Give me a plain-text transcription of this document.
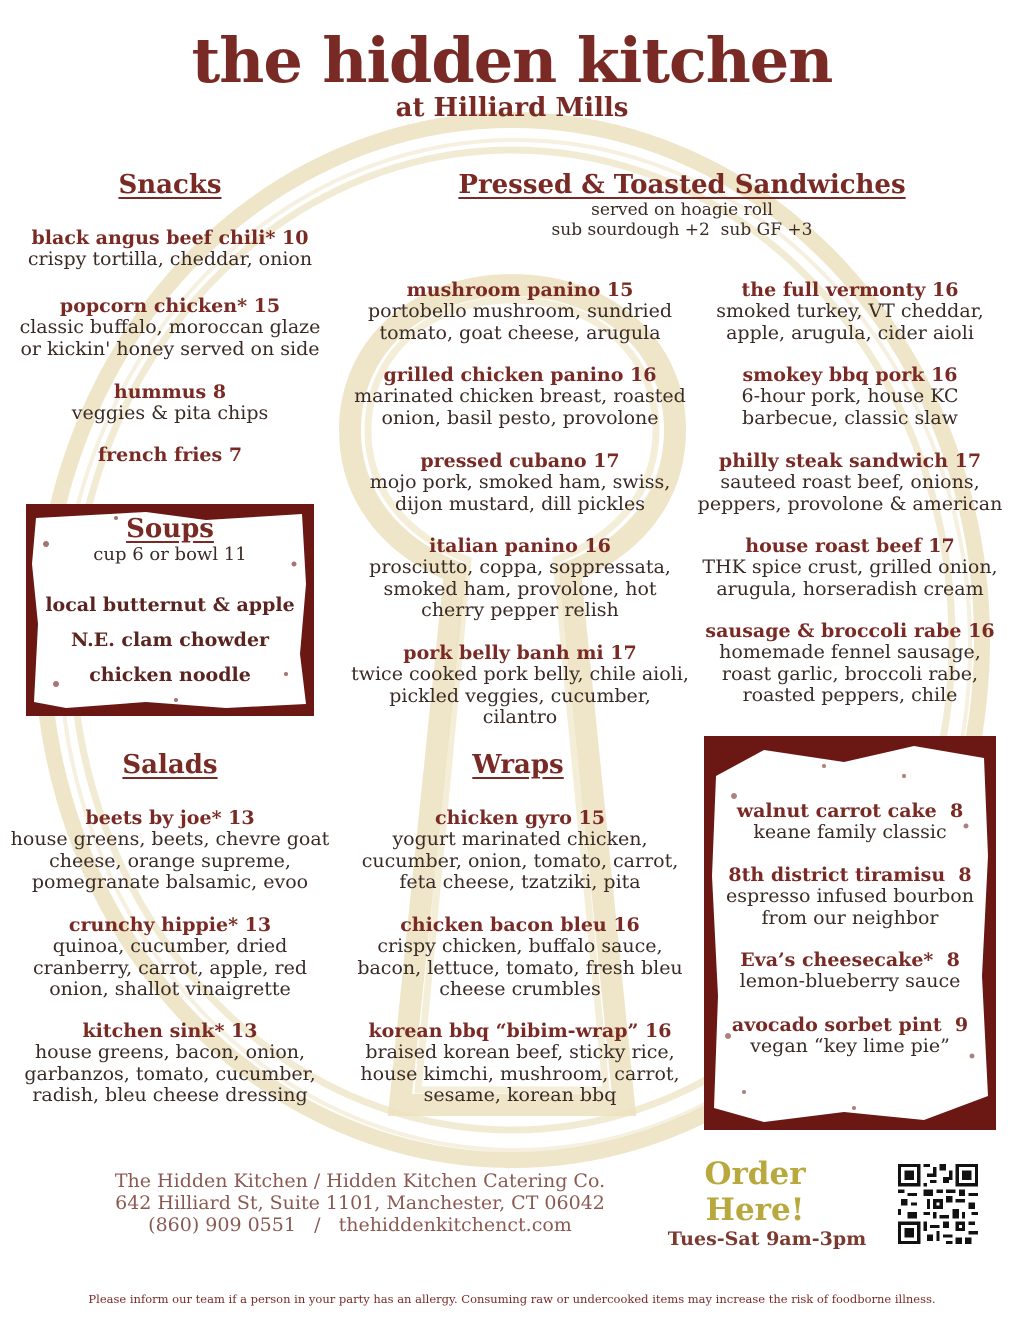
the hidden kitchen
at Hilliard Mills
Snacks
black angus beef chili* 10
crispy tortilla, cheddar, onion
popcorn chicken* 15
classic buffalo, moroccan glaze or kickin' honey served on side
hummus 8
veggies & pita chips
french fries 7
Soups
cup 6 or bowl 11
local butternut & apple
N.E. clam chowder
chicken noodle
Pressed & Toasted Sandwiches
served on hoagie roll
sub sourdough +2  sub GF +3
mushroom panino 15
portobello mushroom, sundried tomato, goat cheese, arugula
grilled chicken panino 16
marinated chicken breast, roasted onion, basil pesto, provolone
pressed cubano 17
mojo pork, smoked ham, swiss, dijon mustard, dill pickles
italian panino 16
prosciutto, coppa, soppressata, smoked ham, provolone, hot cherry pepper relish
pork belly banh mi 17
twice cooked pork belly, chile aioli, pickled veggies, cucumber, cilantro
the full vermonty 16
smoked turkey, VT cheddar, apple, arugula, cider aioli
smokey bbq pork 16
6-hour pork, house KC barbecue, classic slaw
philly steak sandwich 17
sauteed roast beef, onions, peppers, provolone & american
house roast beef 17
THK spice crust, grilled onion, arugula, horseradish cream
sausage & broccoli rabe 16
homemade fennel sausage, roast garlic, broccoli rabe, roasted peppers, chile
Salads
beets by joe* 13
house greens, beets, chevre goat cheese, orange supreme, pomegranate balsamic, evoo
crunchy hippie* 13
quinoa, cucumber, dried cranberry, carrot, apple, red onion, shallot vinaigrette
kitchen sink* 13
house greens, bacon, onion, garbanzos, tomato, cucumber, radish, bleu cheese dressing
Wraps
chicken gyro 15
yogurt marinated chicken, cucumber, onion, tomato, carrot, feta cheese, tzatziki, pita
chicken bacon bleu 16
crispy chicken, buffalo sauce, bacon, lettuce, tomato, fresh bleu cheese crumbles
korean bbq “bibim-wrap” 16
braised korean beef, sticky rice, house kimchi, mushroom, carrot, sesame, korean bbq
walnut carrot cake  8
keane family classic
8th district tiramisu  8
espresso infused bourbon from our neighbor
Eva’s cheesecake*  8
lemon-blueberry sauce
avocado sorbet pint  9
vegan “key lime pie”
The Hidden Kitchen / Hidden Kitchen Catering Co.
642 Hilliard St, Suite 1101, Manchester, CT 06042
(860) 909 0551   /   thehiddenkitchenct.com
Order
Here!
Tues-Sat 9am-3pm
Please inform our team if a person in your party has an allergy. Consuming raw or undercooked items may increase the risk of foodborne illness.
